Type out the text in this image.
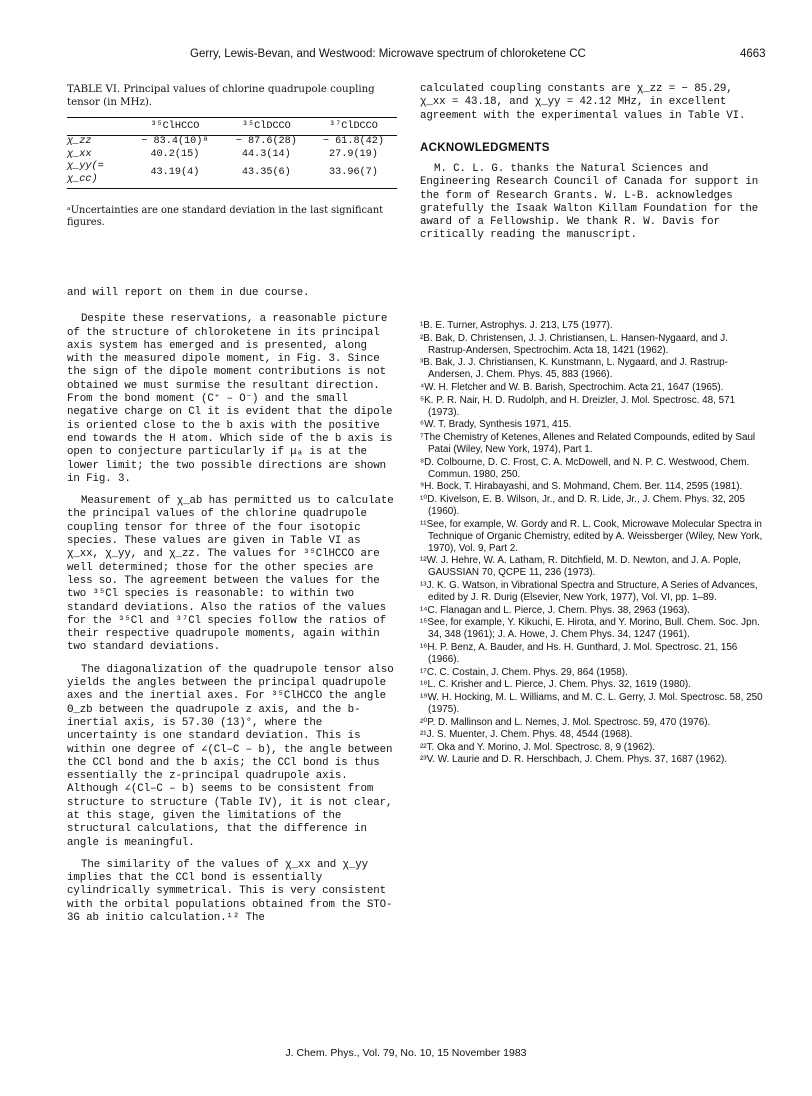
Gerry, Lewis-Bevan, and Westwood: Microwave spectrum of chloroketene CC	4663
TABLE VI. Principal values of chlorine quadrupole coupling tensor (in MHz).
	³⁵ClHCCO	³⁵ClDCCO	³⁷ClDCCO
χ_zz	− 83.4(10)ᵃ	− 87.6(28)	− 61.8(42)
χ_xx	40.2(15)	44.3(14)	27.9(19)
χ_yy(= χ_cc)	43.19(4)	43.35(6)	33.96(7)
ᵃUncertainties are one standard deviation in the last significant figures.

and will report on them in due course.

Despite these reservations, a reasonable picture of the structure of chloroketene in its principal axis system has emerged and is presented, along with the measured dipole moment, in Fig. 3. Since the sign of the dipole moment contributions is not obtained we must surmise the resultant direction. From the bond moment (C⁺ – O⁻) and the small negative charge on Cl it is evident that the dipole is oriented close to the b axis with the positive end towards the H atom. Which side of the b axis is open to conjecture particularly if μₐ is at the lower limit; the two possible directions are shown in Fig. 3.

Measurement of χ_ab has permitted us to calculate the principal values of the chlorine quadrupole coupling tensor for three of the four isotopic species. These values are given in Table VI as χ_xx, χ_yy, and χ_zz. The values for ³⁵ClHCCO are well determined; those for the other species are less so. The agreement between the values for the two ³⁵Cl species is reasonable: to within two standard deviations. Also the ratios of the values for the ³⁵Cl and ³⁷Cl species follow the ratios of their respective quadrupole moments, again within two standard deviations.

The diagonalization of the quadrupole tensor also yields the angles between the principal quadrupole axes and the inertial axes. For ³⁵ClHCCO the angle Θ_zb between the quadrupole z axis, and the b-inertial axis, is 57.30 (13)°, where the uncertainty is one standard deviation. This is within one degree of ∠(Cl–C – b), the angle between the CCl bond and the b axis; the CCl bond is thus essentially the z-principal quadrupole axis. Although ∠(Cl–C – b) seems to be consistent from structure to structure (Table IV), it is not clear, at this stage, given the limitations of the structural calculations, that the difference in angle is meaningful.

The similarity of the values of χ_xx and χ_yy implies that the CCl bond is essentially cylindrically symmetrical. This is very consistent with the orbital populations obtained from the STO-3G ab initio calculation.¹² The

calculated coupling constants are χ_zz = − 85.29, χ_xx = 43.18, and χ_yy = 42.12 MHz, in excellent agreement with the experimental values in Table VI.

ACKNOWLEDGMENTS

M. C. L. G. thanks the Natural Sciences and Engineering Research Council of Canada for support in the form of Research Grants. W. L-B. acknowledges gratefully the Isaak Walton Killam Foundation for the award of a Fellowship. We thank R. W. Davis for critically reading the manuscript.

¹B. E. Turner, Astrophys. J. 213, L75 (1977).

²B. Bak, D. Christensen, J. J. Christiansen, L. Hansen-Nygaard, and J. Rastrup-Andersen, Spectrochim. Acta 18, 1421 (1962).

³B. Bak, J. J. Christiansen, K. Kunstmann, L. Nygaard, and J. Rastrup-Andersen, J. Chem. Phys. 45, 883 (1966).

⁴W. H. Fletcher and W. B. Barish, Spectrochim. Acta 21, 1647 (1965).

⁵K. P. R. Nair, H. D. Rudolph, and H. Dreizler, J. Mol. Spectrosc. 48, 571 (1973).

⁶W. T. Brady, Synthesis 1971, 415.

⁷The Chemistry of Ketenes, Allenes and Related Compounds, edited by Saul Patai (Wiley, New York, 1974), Part 1.

⁸D. Colbourne, D. C. Frost, C. A. McDowell, and N. P. C. Westwood, Chem. Commun. 1980, 250.

⁹H. Bock, T. Hirabayashi, and S. Mohmand, Chem. Ber. 114, 2595 (1981).

¹⁰D. Kivelson, E. B. Wilson, Jr., and D. R. Lide, Jr., J. Chem. Phys. 32, 205 (1960).

¹¹See, for example, W. Gordy and R. L. Cook, Microwave Molecular Spectra in Technique of Organic Chemistry, edited by A. Weissberger (Wiley, New York, 1970), Vol. 9, Part 2.

¹²W. J. Hehre, W. A. Latham, R. Ditchfield, M. D. Newton, and J. A. Pople, GAUSSIAN 70, QCPE 11, 236 (1973).

¹³J. K. G. Watson, in Vibrational Spectra and Structure, A Series of Advances, edited by J. R. Durig (Elsevier, New York, 1977), Vol. VI, pp. 1–89.

¹⁴C. Flanagan and L. Pierce, J. Chem. Phys. 38, 2963 (1963).

¹⁵See, for example, Y. Kikuchi, E. Hirota, and Y. Morino, Bull. Chem. Soc. Jpn. 34, 348 (1961); J. A. Howe, J. Chem Phys. 34, 1247 (1961).

¹⁶H. P. Benz, A. Bauder, and Hs. H. Gunthard, J. Mol. Spectrosc. 21, 156 (1966).

¹⁷C. C. Costain, J. Chem. Phys. 29, 864 (1958).

¹⁸L. C. Krisher and L. Pierce, J. Chem. Phys. 32, 1619 (1980).

¹⁹W. H. Hocking, M. L. Williams, and M. C. L. Gerry, J. Mol. Spectrosc. 58, 250 (1975).

²⁰P. D. Mallinson and L. Nemes, J. Mol. Spectrosc. 59, 470 (1976).

²¹J. S. Muenter, J. Chem. Phys. 48, 4544 (1968).

²²T. Oka and Y. Morino, J. Mol. Spectrosc. 8, 9 (1962).

²³V. W. Laurie and D. R. Herschbach, J. Chem. Phys. 37, 1687 (1962).

J. Chem. Phys., Vol. 79, No. 10, 15 November 1983
